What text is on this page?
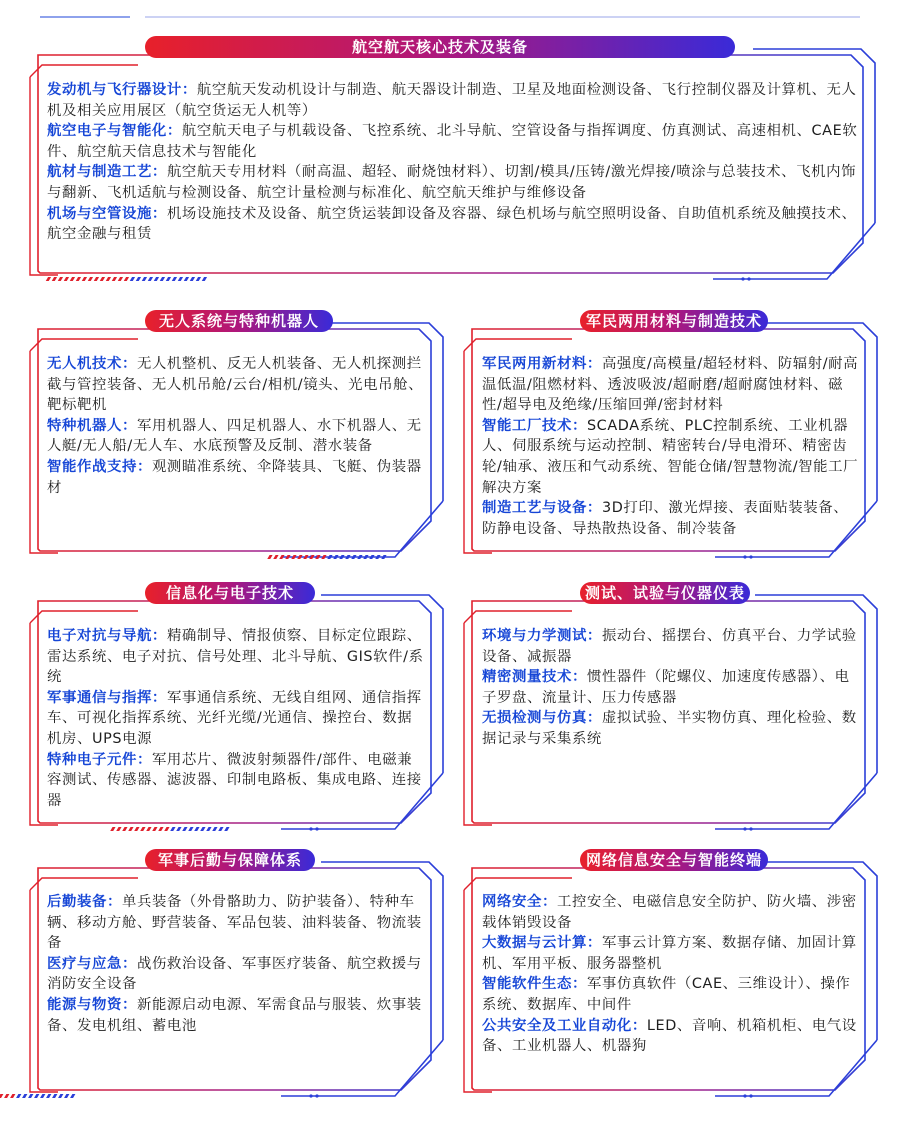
航空航天核心技术及装备

发动机与飞行器设计：航空航天发动机设计与制造、航天器设计制造、卫星及地面检测设备、飞行控制仪器及计算机、无人机及相关应用展区（航空货运无人机等）

航空电子与智能化：航空航天电子与机载设备、飞控系统、北斗导航、空管设备与指挥调度、仿真测试、高速相机、CAE软件、航空航天信息技术与智能化

航材与制造工艺：航空航天专用材料（耐高温、超轻、耐烧蚀材料）、切割/模具/压铸/激光焊接/喷涂与总装技术、飞机内饰与翻新、飞机适航与检测设备、航空计量检测与标准化、航空航天维护与维修设备

机场与空管设施：机场设施技术及设备、航空货运装卸设备及容器、绿色机场与航空照明设备、自助值机系统及触摸技术、航空金融与租赁

无人系统与特种机器人

无人机技术：无人机整机、反无人机装备、无人机探测拦截与管控装备、无人机吊舱/云台/相机/镜头、光电吊舱、靶标靶机

特种机器人：军用机器人、四足机器人、水下机器人、无人艇/无人船/无人车、水底预警及反制、潜水装备

智能作战支持：观测瞄准系统、伞降装具、飞艇、伪装器材

军民两用材料与制造技术

军民两用新材料：高强度/高模量/超轻材料、防辐射/耐高温低温/阻燃材料、透波吸波/超耐磨/超耐腐蚀材料、磁性/超导电及绝缘/压缩回弹/密封材料

智能工厂技术：SCADA系统、PLC控制系统、工业机器人、伺服系统与运动控制、精密转台/导电滑环、精密齿轮/轴承、液压和气动系统、智能仓储/智慧物流/智能工厂解决方案

制造工艺与设备：3D打印、激光焊接、表面贴装装备、防静电设备、导热散热设备、制冷装备

信息化与电子技术

电子对抗与导航：精确制导、情报侦察、目标定位跟踪、雷达系统、电子对抗、信号处理、北斗导航、GIS软件/系统

军事通信与指挥：军事通信系统、无线自组网、通信指挥车、可视化指挥系统、光纤光缆/光通信、操控台、数据机房、UPS电源

特种电子元件：军用芯片、微波射频器件/部件、电磁兼容测试、传感器、滤波器、印制电路板、集成电路、连接器

测试、试验与仪器仪表

环境与力学测试：振动台、摇摆台、仿真平台、力学试验设备、减振器

精密测量技术：惯性器件（陀螺仪、加速度传感器）、电子罗盘、流量计、压力传感器

无损检测与仿真：虚拟试验、半实物仿真、理化检验、数据记录与采集系统

军事后勤与保障体系

后勤装备：单兵装备（外骨骼助力、防护装备）、特种车辆、移动方舱、野营装备、军品包装、油料装备、物流装备

医疗与应急：战伤救治设备、军事医疗装备、航空救援与消防安全设备

能源与物资：新能源启动电源、军需食品与服装、炊事装备、发电机组、蓄电池

网络信息安全与智能终端

网络安全：工控安全、电磁信息安全防护、防火墙、涉密载体销毁设备

大数据与云计算：军事云计算方案、数据存储、加固计算机、军用平板、服务器整机

智能软件生态：军事仿真软件（CAE、三维设计）、操作系统、数据库、中间件

公共安全及工业自动化：LED、音响、机箱机柜、电气设备、工业机器人、机器狗
